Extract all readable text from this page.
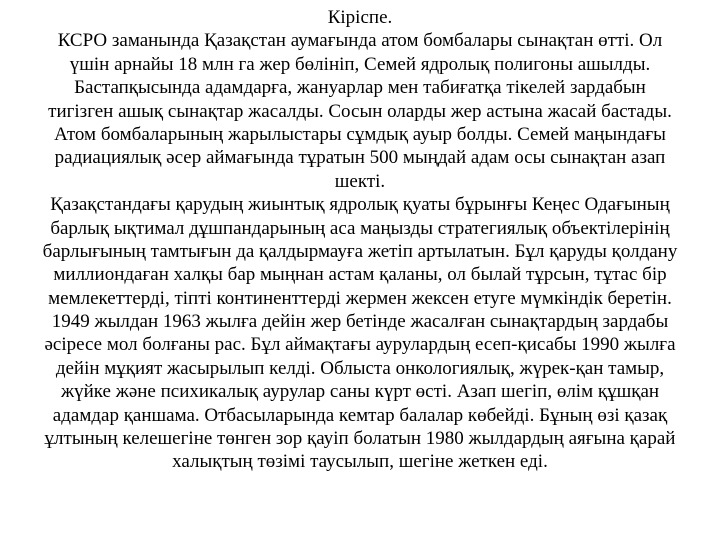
Кіріспе.
КСРО заманында Қазақстан аумағында атом бомбалары сынақтан өтті. Ол
үшін арнайы 18 млн га жер бөлініп, Семей ядролық полигоны ашылды.
Бастапқысында адамдарға, жануарлар мен табиғатқа тікелей зардабын
тигізген ашық сынақтар жасалды. Сосын оларды жер астына жасай бастады.
Атом бомбаларының жарылыстары сұмдық ауыр болды. Семей маңындағы
радиациялық әсер аймағында тұратын 500 мыңдай адам осы сынақтан азап
шекті.
Қазақстандағы қарудың жиынтық ядролық қуаты бұрынғы Кеңес Одағының
барлық ықтимал дұшпандарының аса маңызды стратегиялық объектілерінің
барлығының тамтығын да қалдырмауға жетіп артылатын. Бұл қаруды қолдану
миллиондаған халқы бар мыңнан астам қаланы, ол былай тұрсын, тұтас бір
мемлекеттерді, тіпті континенттерді жермен жексен етуге мүмкіндік беретін.
1949 жылдан 1963 жылға дейін жер бетінде жасалған сынақтардың зардабы
әсіресе мол болғаны рас. Бұл аймақтағы аурулардың есеп-қисабы 1990 жылға
дейін мұқият жасырылып келді. Облыста онкологиялық, жүрек-қан тамыр,
жүйке және психикалық аурулар саны күрт өсті. Азап шегіп, өлім құшқан
адамдар қаншама. Отбасыларында кемтар балалар көбейді. Бұның өзі қазақ
ұлтының келешегіне төнген зор қауіп болатын 1980 жылдардың аяғына қарай
халықтың төзімі таусылып, шегіне жеткен еді.
